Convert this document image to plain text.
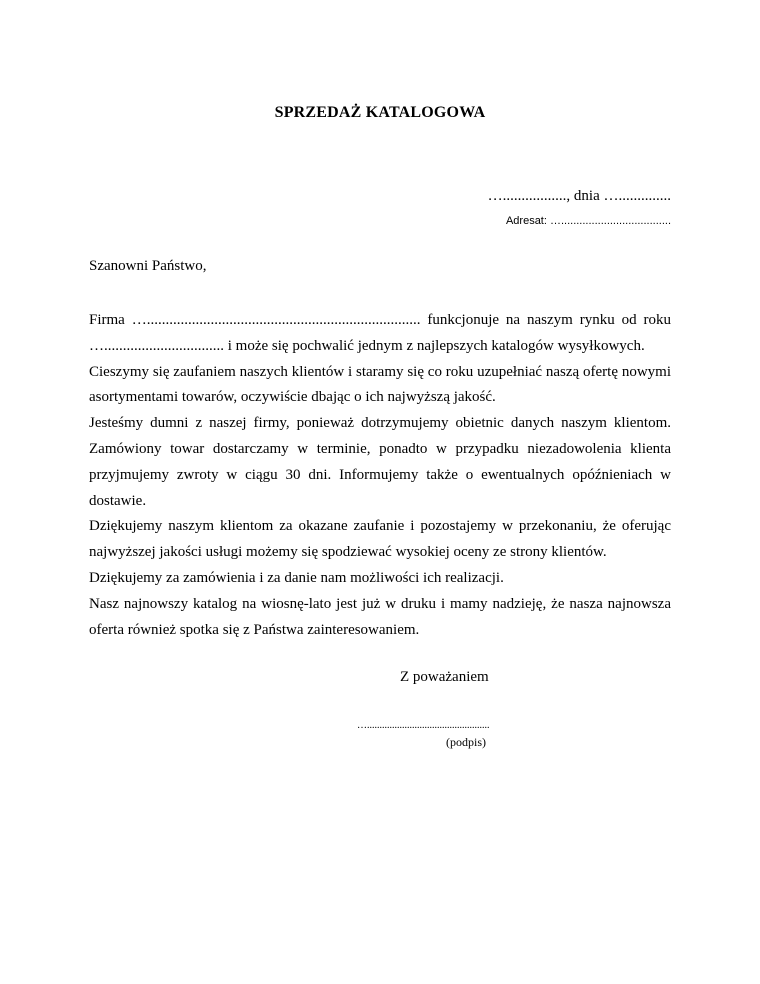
SPRZEDAŻ KATALOGOWA
…................., dnia …..............
Adresat: …....................................
Szanowni Państwo,

Firma …......................................................................... funkcjonuje na naszym rynku od roku …................................ i może się pochwalić jednym z najlepszych katalogów wysyłkowych.

Cieszymy się zaufaniem naszych klientów i staramy się co roku uzupełniać naszą ofertę nowymi asortymentami towarów, oczywiście dbając o ich najwyższą jakość.

Jesteśmy dumni z naszej firmy, ponieważ dotrzymujemy obietnic danych naszym klientom. Zamówiony towar dostarczamy w terminie, ponadto w przypadku niezadowolenia klienta przyjmujemy zwroty w ciągu 30 dni. Informujemy także o ewentualnych opóźnieniach w dostawie.

Dziękujemy naszym klientom za okazane zaufanie i pozostajemy w przekonaniu, że oferując najwyższej jakości usługi możemy się spodziewać wysokiej oceny ze strony klientów.

Dziękujemy za zamówienia i za danie nam możliwości ich realizacji.

Nasz najnowszy katalog na wiosnę-lato jest już w druku i mamy nadzieję, że nasza najnowsza oferta również spotka się z Państwa zainteresowaniem.

Z poważaniem
….................................................
(podpis)
